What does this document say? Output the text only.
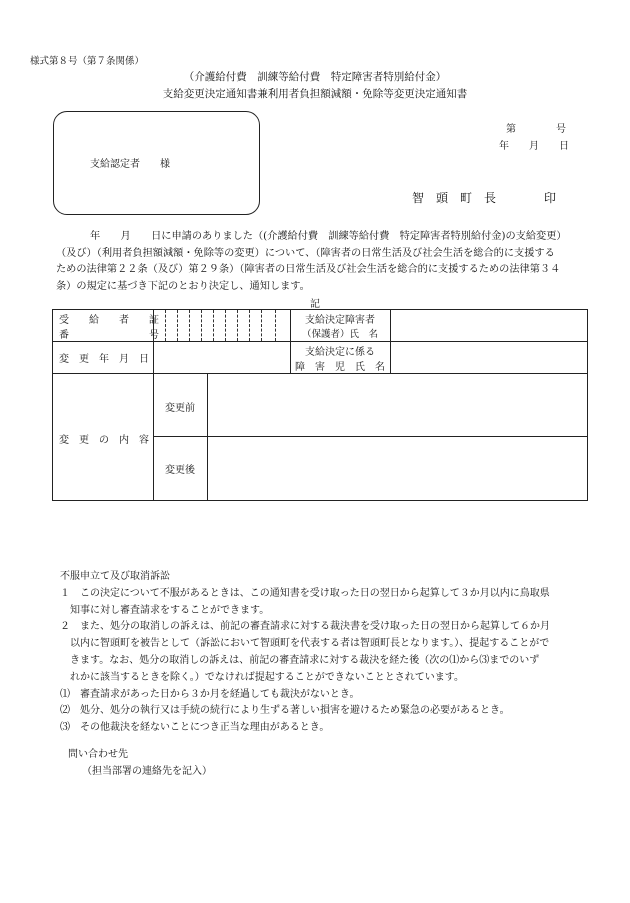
様式第８号（第７条関係）
（介護給付費　訓練等給付費　特定障害者特別給付金）
支給変更決定通知書兼利用者負担額減額・免除等変更決定通知書
支給認定者　　様
第　　　　号
年　　月　　日
智　頭　町　長　　　　印
年　　月　　日に申請のありました（(介護給付費　訓練等給付費　特定障害者特別給付金)の支給変更）
（及び）（利用者負担額減額・免除等の変更）について、（障害者の日常生活及び社会生活を総合的に支援する
ための法律第２２条（及び）第２９条）（障害者の日常生活及び社会生活を総合的に支援するための法律第３４
条）の規定に基づき下記のとおり決定し、通知します。
記
受　　給　　者　　証
番　　　　　　　　号
支給決定障害者
（保護者）氏　名
変　更　年　月　日
支給決定に係る
障　害　児　氏　名
変　更　の　内　容
変更前
変更後
不服申立て及び取消訴訟
１　この決定について不服があるときは、この通知書を受け取った日の翌日から起算して３か月以内に鳥取県
　知事に対し審査請求をすることができます。
２　また、処分の取消しの訴えは、前記の審査請求に対する裁決書を受け取った日の翌日から起算して６か月
　以内に智頭町を被告として（訴訟において智頭町を代表する者は智頭町長となります。）、提起することがで
　きます。なお、処分の取消しの訴えは、前記の審査請求に対する裁決を経た後（次の⑴から⑶までのいず
　れかに該当するときを除く。）でなければ提起することができないこととされています。
⑴　審査請求があった日から３か月を経過しても裁決がないとき。
⑵　処分、処分の執行又は手続の続行により生ずる著しい損害を避けるため緊急の必要があるとき。
⑶　その他裁決を経ないことにつき正当な理由があるとき。
問い合わせ先
（担当部署の連絡先を記入）
